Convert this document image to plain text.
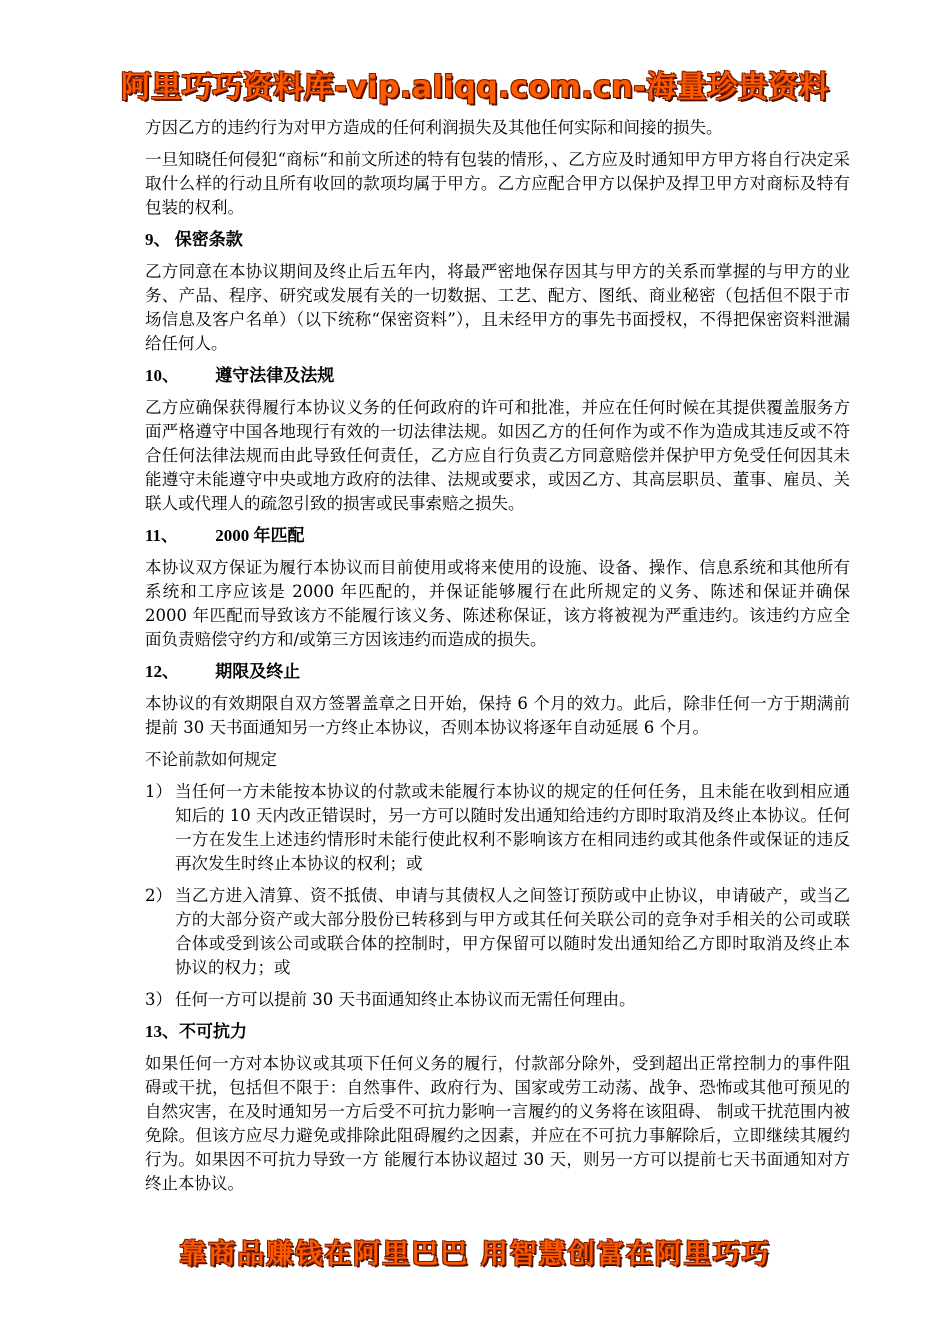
阿里巧巧资料库-vip.aliqq.com.cn-海量珍贵资料

方因乙方的违约行为对甲方造成的任何利润损失及其他任何实际和间接的损失。

一旦知晓任何侵犯“商标“和前文所述的特有包装的情形，、乙方应及时通知甲方甲方将自行决定采取什么样的行动且所有收回的款项均属于甲方。乙方应配合甲方以保护及捍卫甲方对商标及特有包装的权利。

9、 保密条款

乙方同意在本协议期间及终止后五年内，将最严密地保存因其与甲方的关系而掌握的与甲方的业务、产品、程序、研究或发展有关的一切数据、工艺、配方、图纸、商业秘密（包括但不限于市场信息及客户名单）（以下统称“保密资料”），且未经甲方的事先书面授权，不得把保密资料泄漏给任何人。

10、 遵守法律及法规

乙方应确保获得履行本协议义务的任何政府的许可和批准，并应在任何时候在其提供覆盖服务方面严格遵守中国各地现行有效的一切法律法规。如因乙方的任何作为或不作为造成其违反或不符合任何法律法规而由此导致任何责任，乙方应自行负责乙方同意赔偿并保护甲方免受任何因其未能遵守未能遵守中央或地方政府的法律、法规或要求，或因乙方、其高层职员、董事、雇员、关联人或代理人的疏忽引致的损害或民事索赔之损失。

11、 2000 年匹配

本协议双方保证为履行本协议而目前使用或将来使用的设施、设备、操作、信息系统和其他所有系统和工序应该是 2000 年匹配的，并保证能够履行在此所规定的义务、陈述和保证并确保 2000 年匹配而导致该方不能履行该义务、陈述称保证，该方将被视为严重违约。该违约方应全面负责赔偿守约方和/或第三方因该违约而造成的损失。

12、 期限及终止

本协议的有效期限自双方签署盖章之日开始，保持 6 个月的效力。此后，除非任何一方于期满前提前 30 天书面通知另一方终止本协议，否则本协议将逐年自动延展 6 个月。

不论前款如何规定

1） 当任何一方未能按本协议的付款或未能履行本协议的规定的任何任务，且未能在收到相应通知后的 10 天内改正错误时，另一方可以随时发出通知给违约方即时取消及终止本协议。任何一方在发生上述违约情形时未能行使此权利不影响该方在相同违约或其他条件或保证的违反再次发生时终止本协议的权利；或
2） 当乙方进入清算、资不抵债、申请与其债权人之间签订预防或中止协议，申请破产，或当乙方的大部分资产或大部分股份已转移到与甲方或其任何关联公司的竞争对手相关的公司或联合体或受到该公司或联合体的控制时，甲方保留可以随时发出通知给乙方即时取消及终止本协议的权力；或
3） 任何一方可以提前 30 天书面通知终止本协议而无需任何理由。
13、不可抗力

如果任何一方对本协议或其项下任何义务的履行，付款部分除外，受到超出正常控制力的事件阻碍或干扰，包括但不限于：自然事件、政府行为、国家或劳工动荡、战争、恐怖或其他可预见的自然灾害，在及时通知另一方后受不可抗力影响一言履约的义务将在该阻碍、 制或干扰范围内被免除。但该方应尽力避免或排除此阻碍履约之因素，并应在不可抗力事解除后，立即继续其履约行为。如果因不可抗力导致一方 能履行本协议超过 30 天，则另一方可以提前七天书面通知对方终止本协议。

靠商品赚钱在阿里巴巴 用智慧创富在阿里巧巧
